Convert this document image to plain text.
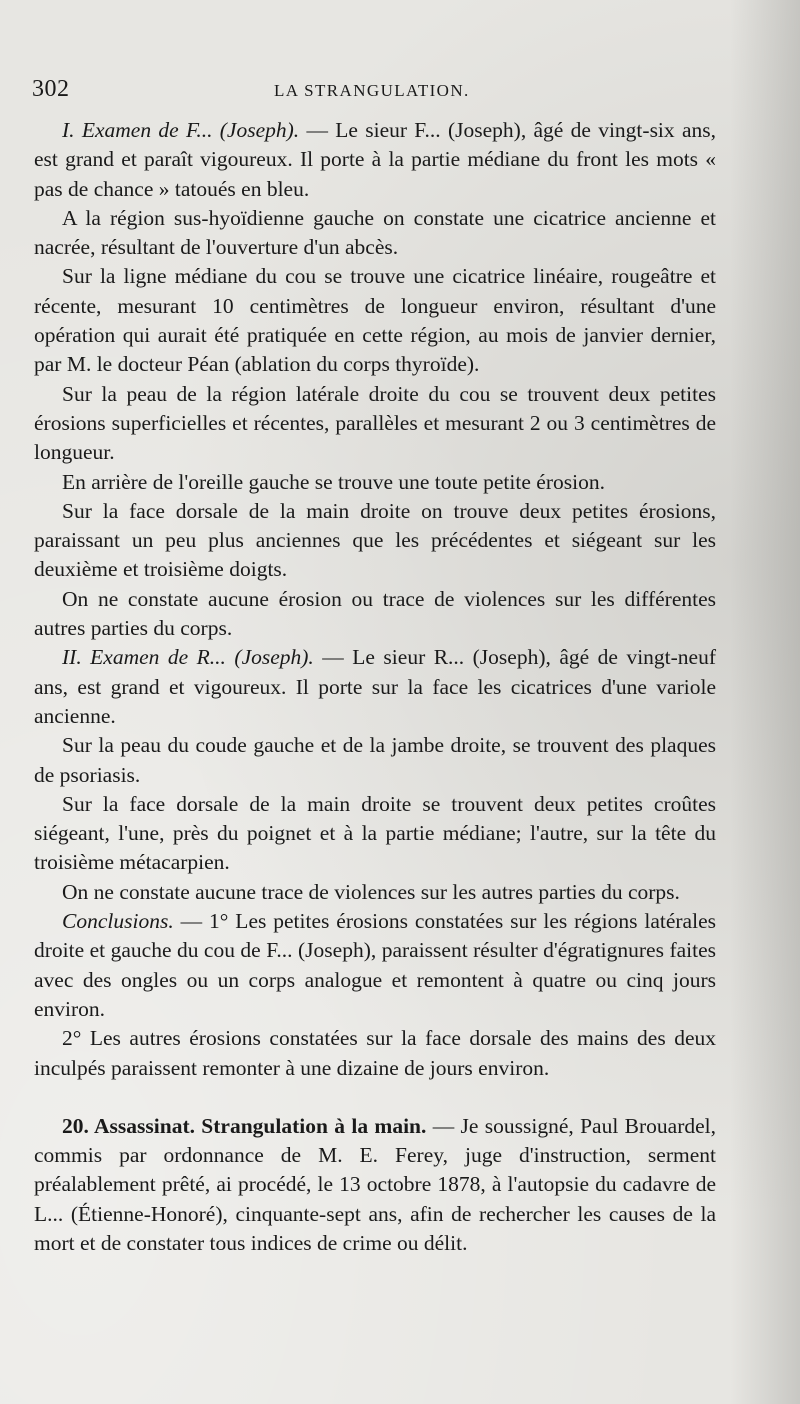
302	LA STRANGULATION.

I. Examen de F... (Joseph). — Le sieur F... (Joseph), âgé de vingt-six ans, est grand et paraît vigoureux. Il porte à la partie médiane du front les mots « pas de chance » tatoués en bleu.

A la région sus-hyoïdienne gauche on constate une cicatrice ancienne et nacrée, résultant de l'ouverture d'un abcès.

Sur la ligne médiane du cou se trouve une cicatrice linéaire, rougeâtre et récente, mesurant 10 centimètres de longueur environ, résultant d'une opération qui aurait été pratiquée en cette région, au mois de janvier dernier, par M. le docteur Péan (ablation du corps thyroïde).

Sur la peau de la région latérale droite du cou se trouvent deux petites érosions superficielles et récentes, parallèles et mesurant 2 ou 3 centimètres de longueur.

En arrière de l'oreille gauche se trouve une toute petite érosion.

Sur la face dorsale de la main droite on trouve deux petites érosions, paraissant un peu plus anciennes que les précédentes et siégeant sur les deuxième et troisième doigts.

On ne constate aucune érosion ou trace de violences sur les différentes autres parties du corps.

II. Examen de R... (Joseph). — Le sieur R... (Joseph), âgé de vingt-neuf ans, est grand et vigoureux. Il porte sur la face les cicatrices d'une variole ancienne.

Sur la peau du coude gauche et de la jambe droite, se trouvent des plaques de psoriasis.

Sur la face dorsale de la main droite se trouvent deux petites croûtes siégeant, l'une, près du poignet et à la partie médiane; l'autre, sur la tête du troisième métacarpien.

On ne constate aucune trace de violences sur les autres parties du corps.

Conclusions. — 1° Les petites érosions constatées sur les régions latérales droite et gauche du cou de F... (Joseph), paraissent résulter d'égratignures faites avec des ongles ou un corps analogue et remontent à quatre ou cinq jours environ.

2° Les autres érosions constatées sur la face dorsale des mains des deux inculpés paraissent remonter à une dizaine de jours environ.

20. Assassinat. Strangulation à la main. — Je soussigné, Paul Brouardel, commis par ordonnance de M. E. Ferey, juge d'instruction, serment préalablement prêté, ai procédé, le 13 octobre 1878, à l'autopsie du cadavre de L... (Étienne-Honoré), cinquante-sept ans, afin de rechercher les causes de la mort et de constater tous indices de crime ou délit.
